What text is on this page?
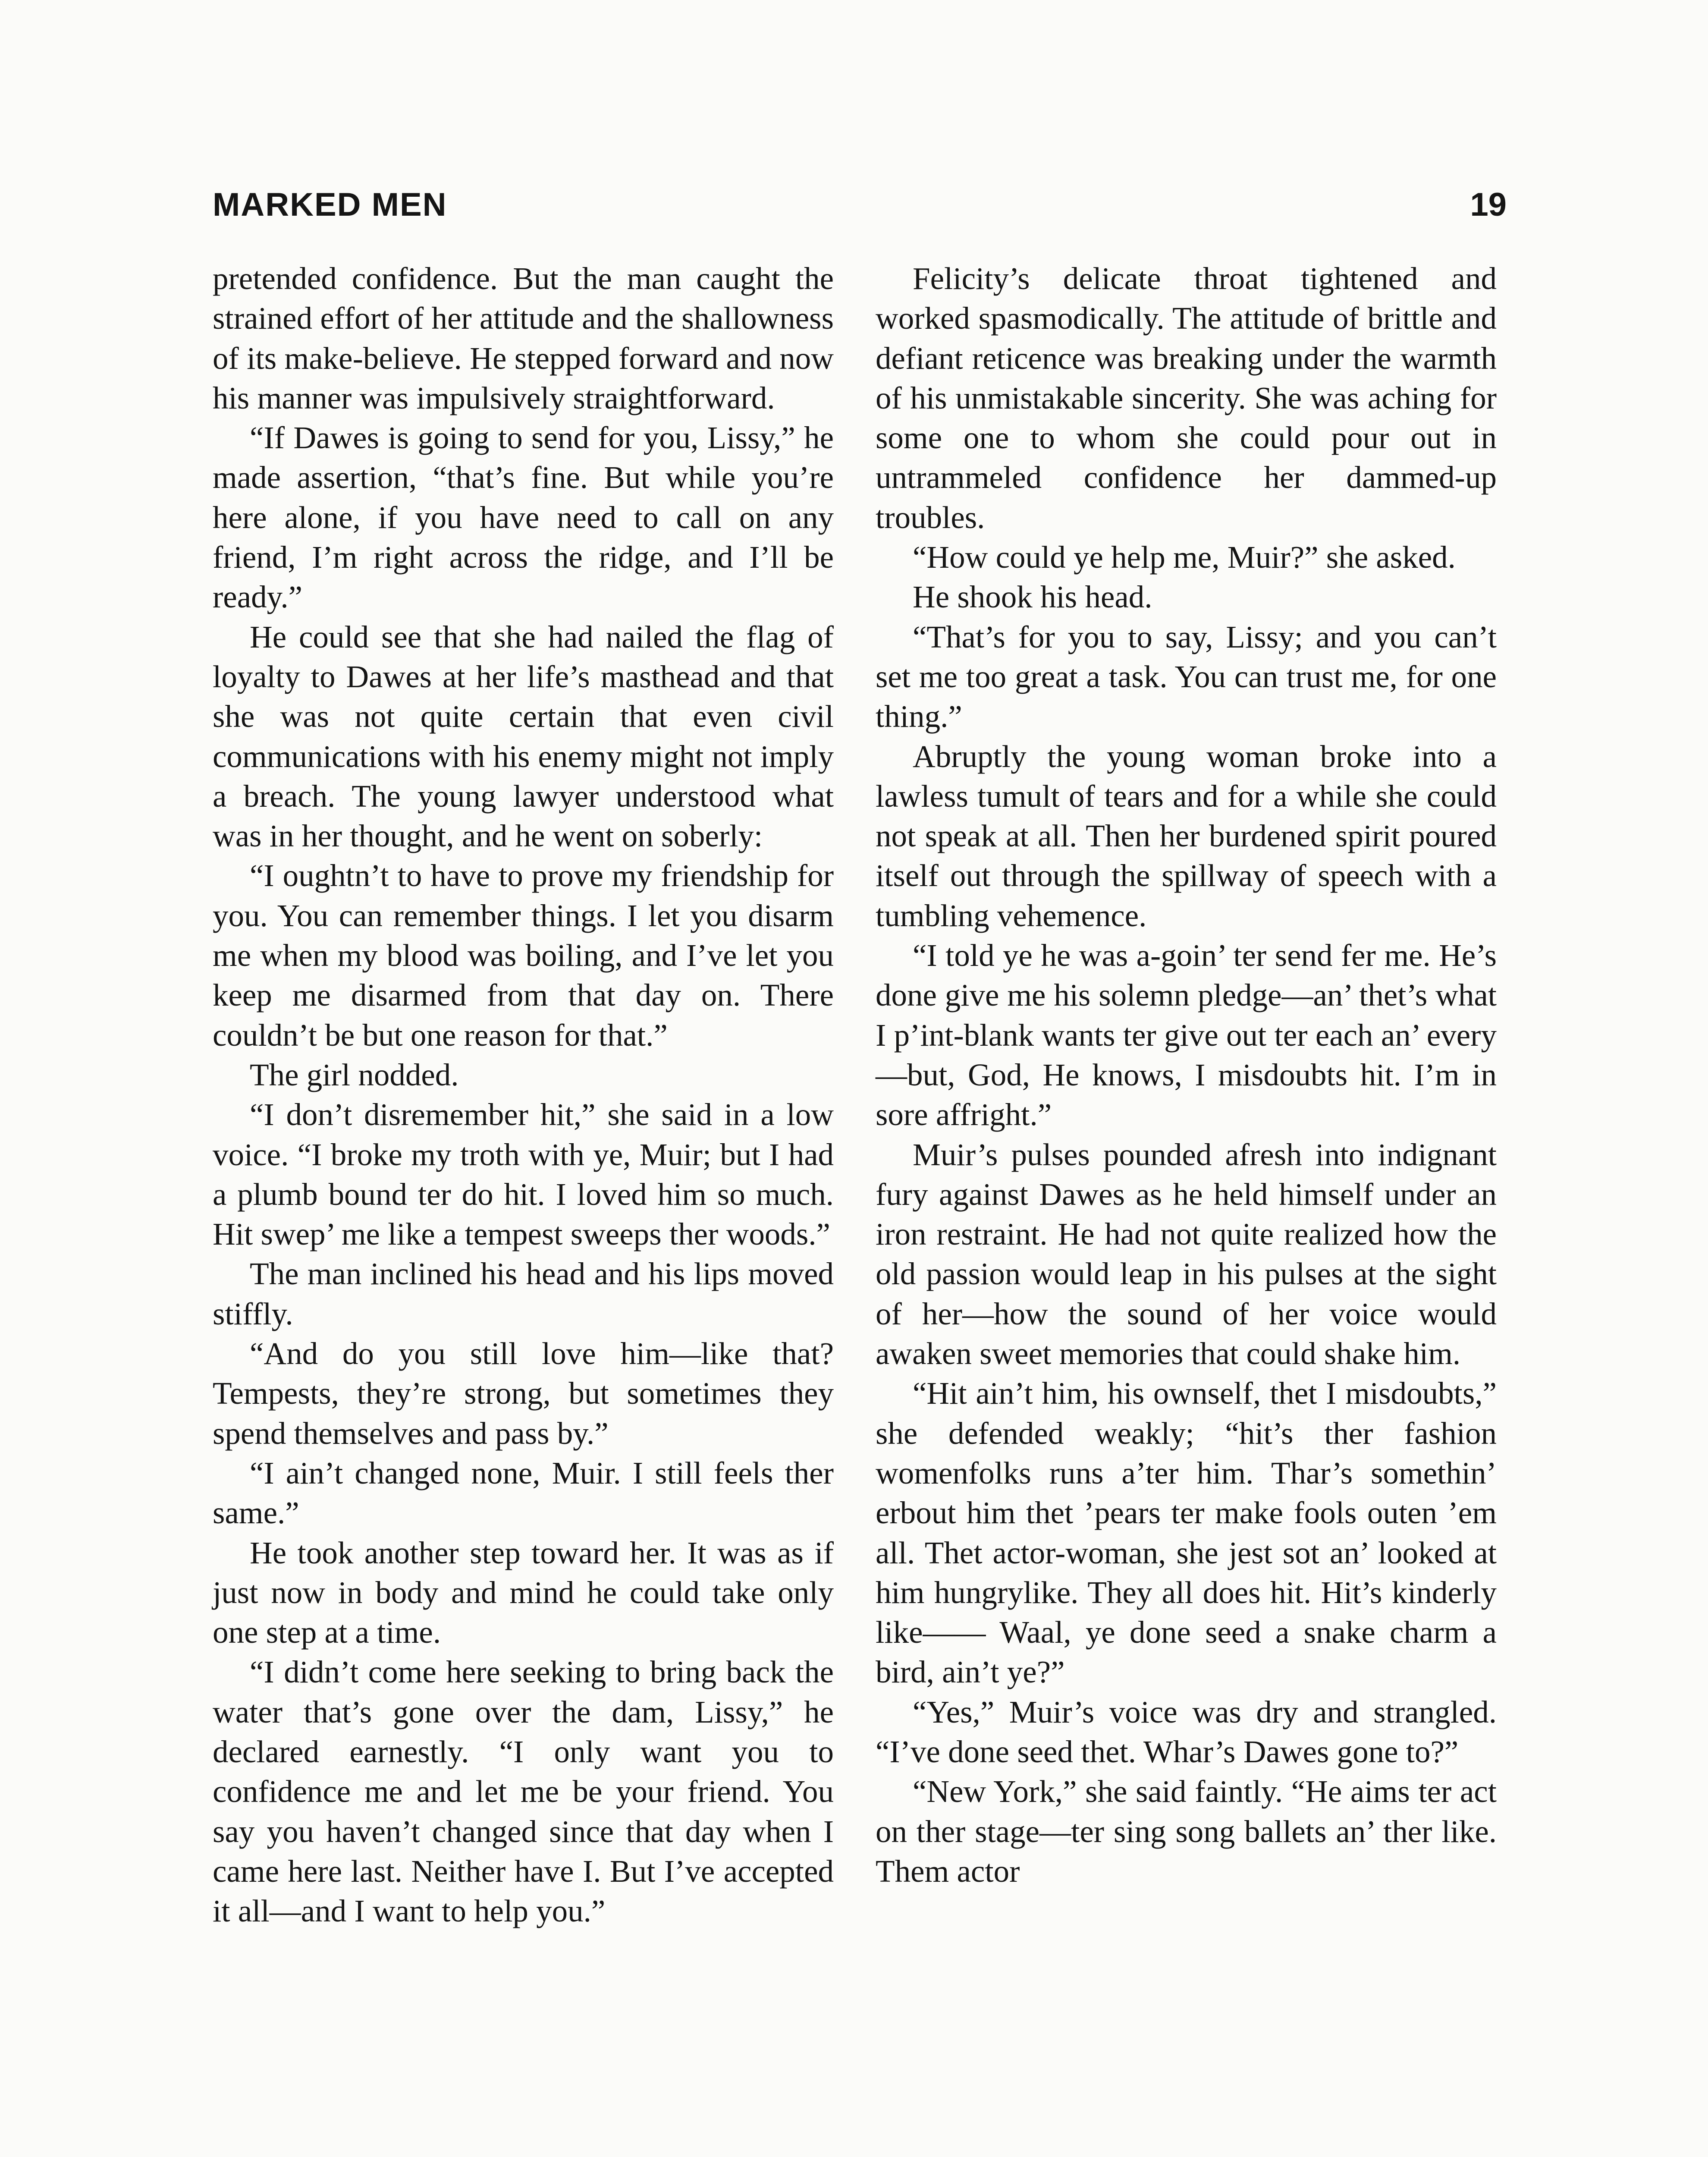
MARKED MEN	19

pretended confidence. But the man caught the strained effort of her attitude and the shallowness of its make-believe. He stepped forward and now his manner was impulsively straightforward.

“If Dawes is going to send for you, Lissy,” he made assertion, “that’s fine. But while you’re here alone, if you have need to call on any friend, I’m right across the ridge, and I’ll be ready.”

He could see that she had nailed the flag of loyalty to Dawes at her life’s masthead and that she was not quite certain that even civil communications with his enemy might not imply a breach. The young lawyer understood what was in her thought, and he went on soberly:

“I oughtn’t to have to prove my friendship for you. You can remember things. I let you disarm me when my blood was boiling, and I’ve let you keep me disarmed from that day on. There couldn’t be but one reason for that.”

The girl nodded.

“I don’t disremember hit,” she said in a low voice. “I broke my troth with ye, Muir; but I had a plumb bound ter do hit. I loved him so much. Hit swep’ me like a tempest sweeps ther woods.”

The man inclined his head and his lips moved stiffly.

“And do you still love him—like that? Tempests, they’re strong, but sometimes they spend themselves and pass by.”

“I ain’t changed none, Muir. I still feels ther same.”

He took another step toward her. It was as if just now in body and mind he could take only one step at a time.

“I didn’t come here seeking to bring back the water that’s gone over the dam, Lissy,” he declared earnestly. “I only want you to confidence me and let me be your friend. You say you haven’t changed since that day when I came here last. Neither have I. But I’ve accepted it all—and I want to help you.”

Felicity’s delicate throat tightened and worked spasmodically. The attitude of brittle and defiant reticence was breaking under the warmth of his unmistakable sincerity. She was aching for some one to whom she could pour out in untrammeled confidence her dammed-up troubles.

“How could ye help me, Muir?” she asked.

He shook his head.

“That’s for you to say, Lissy; and you can’t set me too great a task. You can trust me, for one thing.”

Abruptly the young woman broke into a lawless tumult of tears and for a while she could not speak at all. Then her burdened spirit poured itself out through the spillway of speech with a tumbling vehemence.

“I told ye he was a-goin’ ter send fer me. He’s done give me his solemn pledge—an’ thet’s what I p’int-blank wants ter give out ter each an’ every—but, God, He knows, I misdoubts hit. I’m in sore affright.”

Muir’s pulses pounded afresh into indignant fury against Dawes as he held himself under an iron restraint. He had not quite realized how the old passion would leap in his pulses at the sight of her—how the sound of her voice would awaken sweet memories that could shake him.

“Hit ain’t him, his ownself, thet I misdoubts,” she defended weakly; “hit’s ther fashion womenfolks runs a’ter him. Thar’s somethin’ erbout him thet ’pears ter make fools outen ’em all. Thet actor-woman, she jest sot an’ looked at him hungrylike. They all does hit. Hit’s kinderly like—— Waal, ye done seed a snake charm a bird, ain’t ye?”

“Yes,” Muir’s voice was dry and strangled. “I’ve done seed thet. Whar’s Dawes gone to?”

“New York,” she said faintly. “He aims ter act on ther stage—ter sing song ballets an’ ther like. Them actor
